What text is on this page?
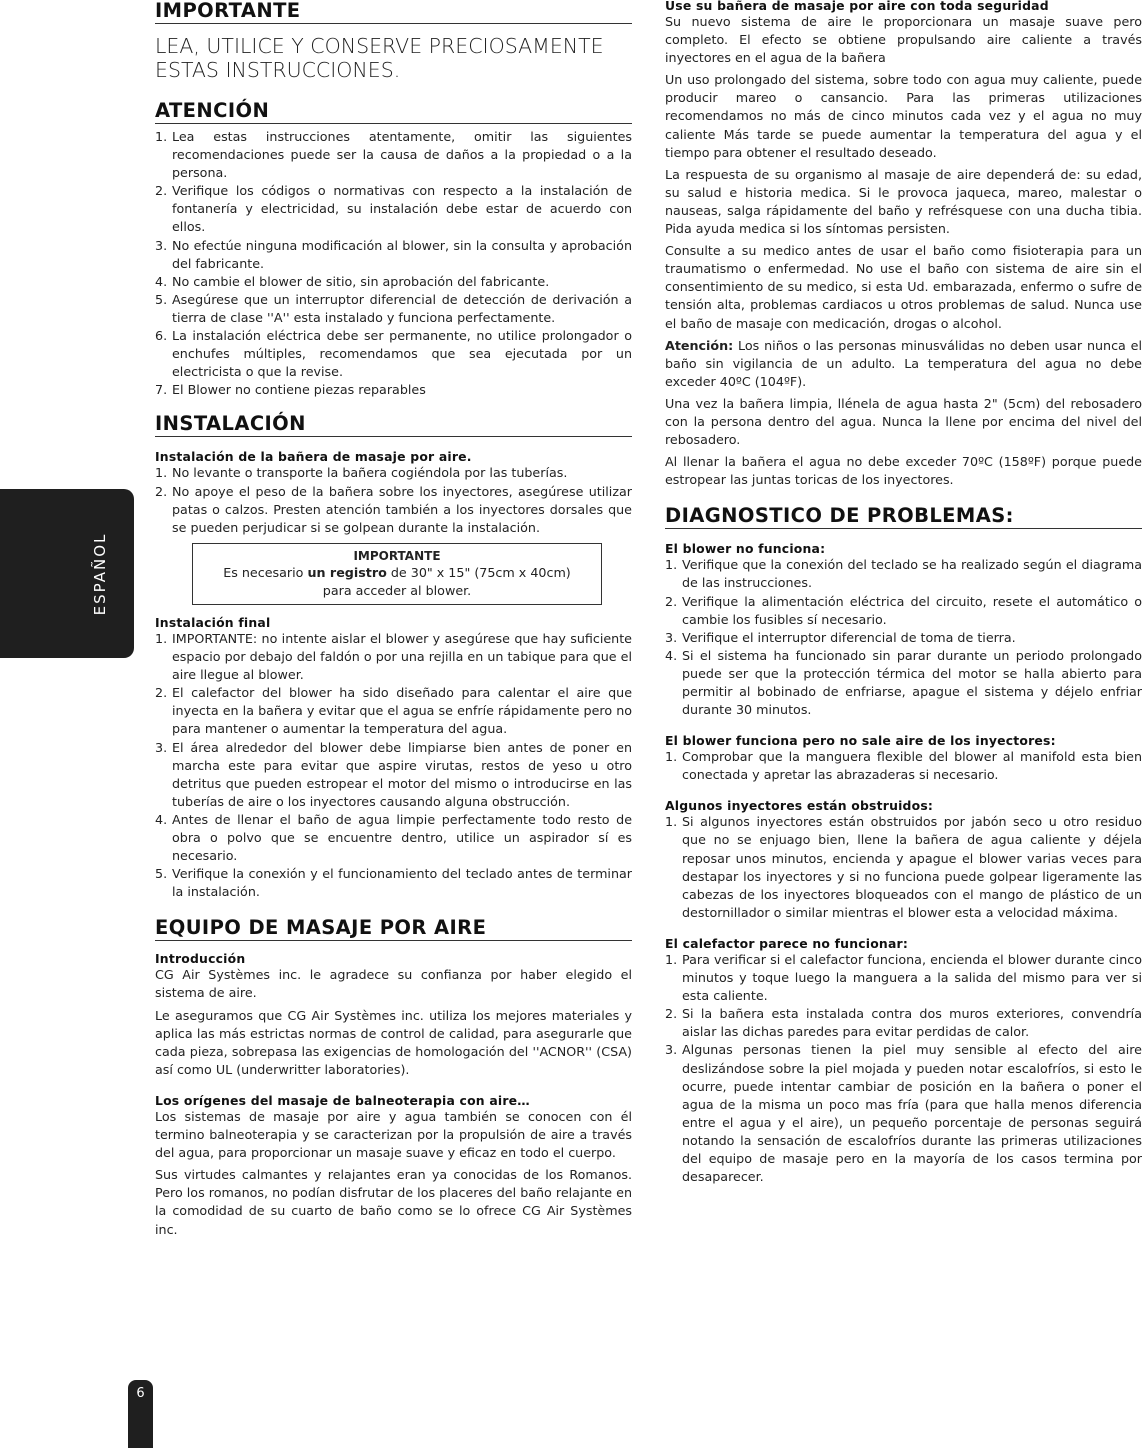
ESPAÑOL
6
IMPORTANTE
LEA, UTILICE Y CONSERVE PRECIOSAMENTE ESTAS INSTRUCCIONES.
ATENCIÓN
1. Lea estas instrucciones atentamente, omitir las siguientes recomendaciones puede ser la causa de daños a la propiedad o a la persona.
2. Verifique los códigos o normativas con respecto a la instalación de fontanería y electricidad, su instalación debe estar de acuerdo con ellos.
3. No efectúe ninguna modificación al blower, sin la consulta y aprobación del fabricante.
4. No cambie el blower de sitio, sin aprobación del fabricante.
5. Asegúrese que un interruptor diferencial de detección de derivación a tierra de clase ''A'' esta instalado y funciona perfectamente.
6. La instalación eléctrica debe ser permanente, no utilice prolongador o enchufes múltiples, recomendamos que sea ejecutada por un electricista o que la revise.
7. El Blower no contiene piezas reparables
INSTALACIÓN
Instalación de la bañera de masaje por aire.
1. No levante o transporte la bañera cogiéndola por las tuberías.
2. No apoye el peso de la bañera sobre los inyectores, asegúrese utilizar patas o calzos. Presten atención también a los inyectores dorsales que se pueden perjudicar si se golpean durante la instalación.
IMPORTANTE
Es necesario un registro de 30" x 15" (75cm x 40cm)
para acceder al blower.
Instalación final
1. IMPORTANTE: no intente aislar el blower y asegúrese que hay suficiente espacio por debajo del faldón o por una rejilla en un tabique para que el aire llegue al blower.
2. El calefactor del blower ha sido diseñado para calentar el aire que inyecta en la bañera y evitar que el agua se enfríe rápidamente pero no para mantener o aumentar la temperatura del agua.
3. El área alrededor del blower debe limpiarse bien antes de poner en marcha este para evitar que aspire virutas, restos de yeso u otro detritus que pueden estropear el motor del mismo o introducirse en las tuberías de aire o los inyectores causando alguna obstrucción.
4. Antes de llenar el baño de agua limpie perfectamente todo resto de obra o polvo que se encuentre dentro, utilice un aspirador sí es necesario.
5. Verifique la conexión y el funcionamiento del teclado antes de terminar la instalación.
EQUIPO DE MASAJE POR AIRE
Introducción

CG Air Systèmes inc. le agradece su confianza por haber elegido el sistema de aire.

Le aseguramos que CG Air Systèmes inc. utiliza los mejores materiales y aplica las más estrictas normas de control de calidad, para asegurarle que cada pieza, sobrepasa las exigencias de homologación del ''ACNOR'' (CSA) así como UL (underwritter laboratories).

Los orígenes del masaje de balneoterapia con aire…

Los sistemas de masaje por aire y agua también se conocen con él termino balneoterapia y se caracterizan por la propulsión de aire a través del agua, para proporcionar un masaje suave y eficaz en todo el cuerpo.

Sus virtudes calmantes y relajantes eran ya conocidas de los Romanos. Pero los romanos, no podían disfrutar de los placeres del baño relajante en la comodidad de su cuarto de baño como se lo ofrece CG Air Systèmes inc.

Use su bañera de masaje por aire con toda seguridad

Su nuevo sistema de aire le proporcionara un masaje suave pero completo. El efecto se obtiene propulsando aire caliente a través inyectores en el agua de la bañera

Un uso prolongado del sistema, sobre todo con agua muy caliente, puede producir mareo o cansancio. Para las primeras utilizaciones recomendamos no más de cinco minutos cada vez y el agua no muy caliente Más tarde se puede aumentar la temperatura del agua y el tiempo para obtener el resultado deseado.

La respuesta de su organismo al masaje de aire dependerá de: su edad, su salud e historia medica. Si le provoca jaqueca, mareo, malestar o nauseas, salga rápidamente del baño y refrésquese con una ducha tibia. Pida ayuda medica si los síntomas persisten.

Consulte a su medico antes de usar el baño como fisioterapia para un traumatismo o enfermedad. No use el baño con sistema de aire sin el consentimiento de su medico, si esta Ud. embarazada, enfermo o sufre de tensión alta, problemas cardiacos u otros problemas de salud. Nunca use el baño de masaje con medicación, drogas o alcohol.

Atención: Los niños o las personas minusválidas no deben usar nunca el baño sin vigilancia de un adulto. La temperatura del agua no debe exceder 40ºC (104ºF).

Una vez la bañera limpia, llénela de agua hasta 2" (5cm) del rebosadero con la persona dentro del agua. Nunca la llene por encima del nivel del rebosadero.

Al llenar la bañera el agua no debe exceder 70ºC (158ºF) porque puede estropear las juntas toricas de los inyectores.

DIAGNOSTICO DE PROBLEMAS:
El blower no funciona:
1. Verifique que la conexión del teclado se ha realizado según el diagrama de las instrucciones.
2. Verifique la alimentación eléctrica del circuito, resete el automático o cambie los fusibles sí necesario.
3. Verifique el interruptor diferencial de toma de tierra.
4. Si el sistema ha funcionado sin parar durante un periodo prolongado puede ser que la protección térmica del motor se halla abierto para permitir al bobinado de enfriarse, apague el sistema y déjelo enfriar durante 30 minutos.
El blower funciona pero no sale aire de los inyectores:
1. Comprobar que la manguera flexible del blower al manifold esta bien conectada y apretar las abrazaderas si necesario.
Algunos inyectores están obstruidos:
1. Si algunos inyectores están obstruidos por jabón seco u otro residuo que no se enjuago bien, llene la bañera de agua caliente y déjela reposar unos minutos, encienda y apague el blower varias veces para destapar los inyectores y si no funciona puede golpear ligeramente las cabezas de los inyectores bloqueados con el mango de plástico de un destornillador o similar mientras el blower esta a velocidad máxima.
El calefactor parece no funcionar:
1. Para verificar si el calefactor funciona, encienda el blower durante cinco minutos y toque luego la manguera a la salida del mismo para ver si esta caliente.
2. Si la bañera esta instalada contra dos muros exteriores, convendría aislar las dichas paredes para evitar perdidas de calor.
3. Algunas personas tienen la piel muy sensible al efecto del aire deslizándose sobre la piel mojada y pueden notar escalofríos, si esto le ocurre, puede intentar cambiar de posición en la bañera o poner el agua de la misma un poco mas fría (para que halla menos diferencia entre el agua y el aire), un pequeño porcentaje de personas seguirá notando la sensación de escalofríos durante las primeras utilizaciones del equipo de masaje pero en la mayoría de los casos termina por desaparecer.
